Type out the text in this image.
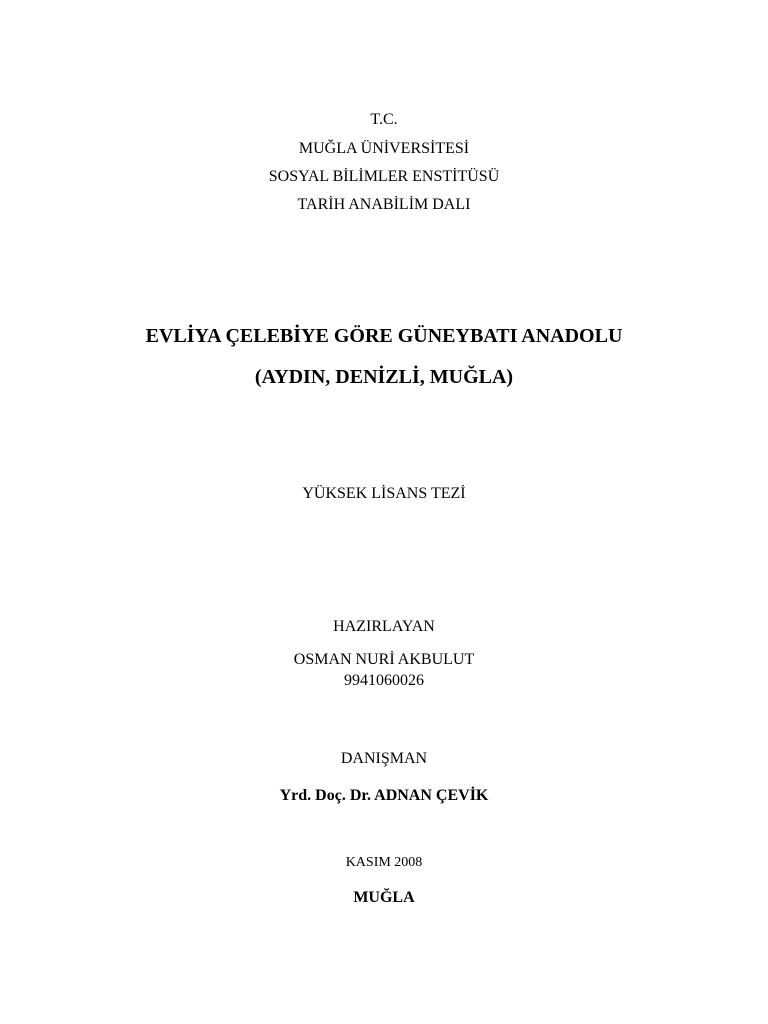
T.C.
MUĞLA ÜNİVERSİTESİ
SOSYAL BİLİMLER ENSTİTÜSÜ
TARİH ANABİLİM DALI
EVLİYA ÇELEBİYE GÖRE GÜNEYBATI ANADOLU
(AYDIN, DENİZLİ, MUĞLA)
YÜKSEK LİSANS TEZİ
HAZIRLAYAN
OSMAN NURİ AKBULUT
9941060026
DANIŞMAN
Yrd. Doç. Dr. ADNAN ÇEVİK
KASIM 2008
MUĞLA
